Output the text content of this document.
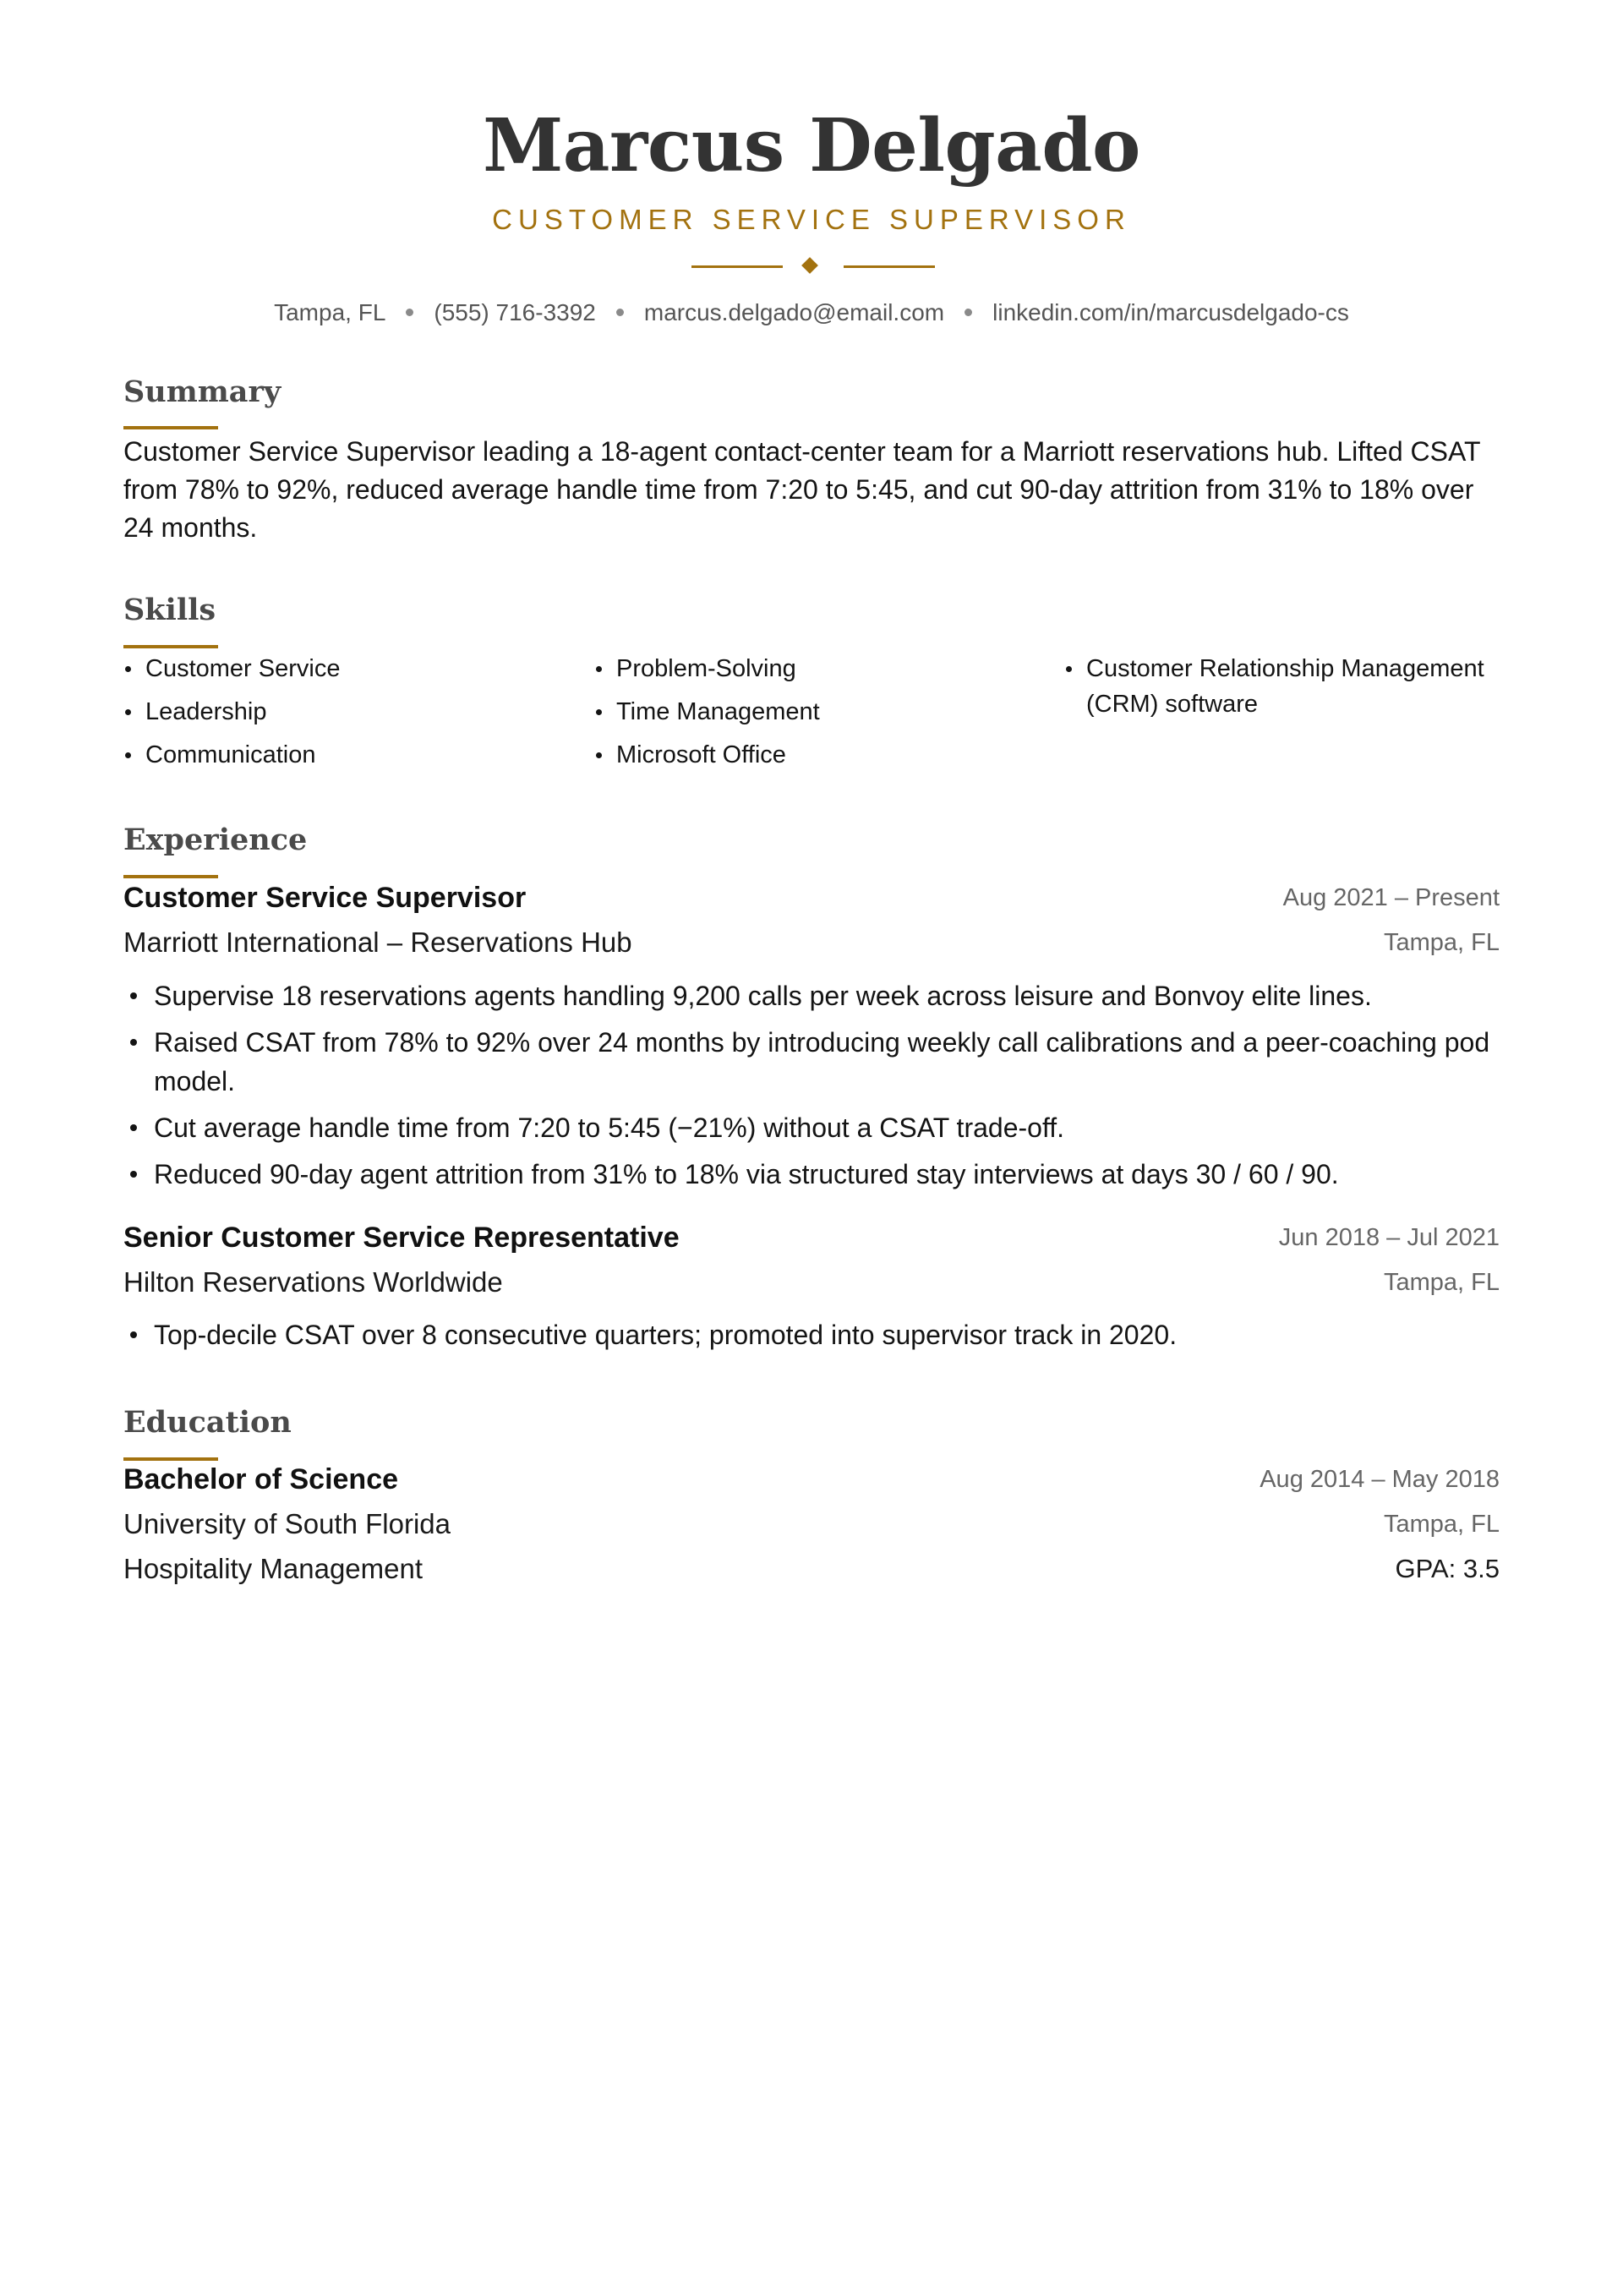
Marcus Delgado
CUSTOMER SERVICE SUPERVISOR
Tampa, FL (555) 716-3392 marcus.delgado@email.com linkedin.com/in/marcusdelgado-cs
Summary
Customer Service Supervisor leading a 18-agent contact-center team for a Marriott reservations hub. Lifted CSAT from 78% to 92%, reduced average handle time from 7:20 to 5:45, and cut 90-day attrition from 31% to 18% over 24 months.
Skills
Customer Service
Leadership
Communication
Problem-Solving
Time Management
Microsoft Office
Customer Relationship Management (CRM) software
Experience
Customer Service Supervisor	Aug 2021 – Present
Marriott International – Reservations Hub	Tampa, FL
Supervise 18 reservations agents handling 9,200 calls per week across leisure and Bonvoy elite lines.
Raised CSAT from 78% to 92% over 24 months by introducing weekly call calibrations and a peer-coaching pod model.
Cut average handle time from 7:20 to 5:45 (−21%) without a CSAT trade-off.
Reduced 90-day agent attrition from 31% to 18% via structured stay interviews at days 30 / 60 / 90.
Senior Customer Service Representative	Jun 2018 – Jul 2021
Hilton Reservations Worldwide	Tampa, FL
Top-decile CSAT over 8 consecutive quarters; promoted into supervisor track in 2020.
Education
Bachelor of Science	Aug 2014 – May 2018
University of South Florida	Tampa, FL
Hospitality Management	GPA: 3.5
